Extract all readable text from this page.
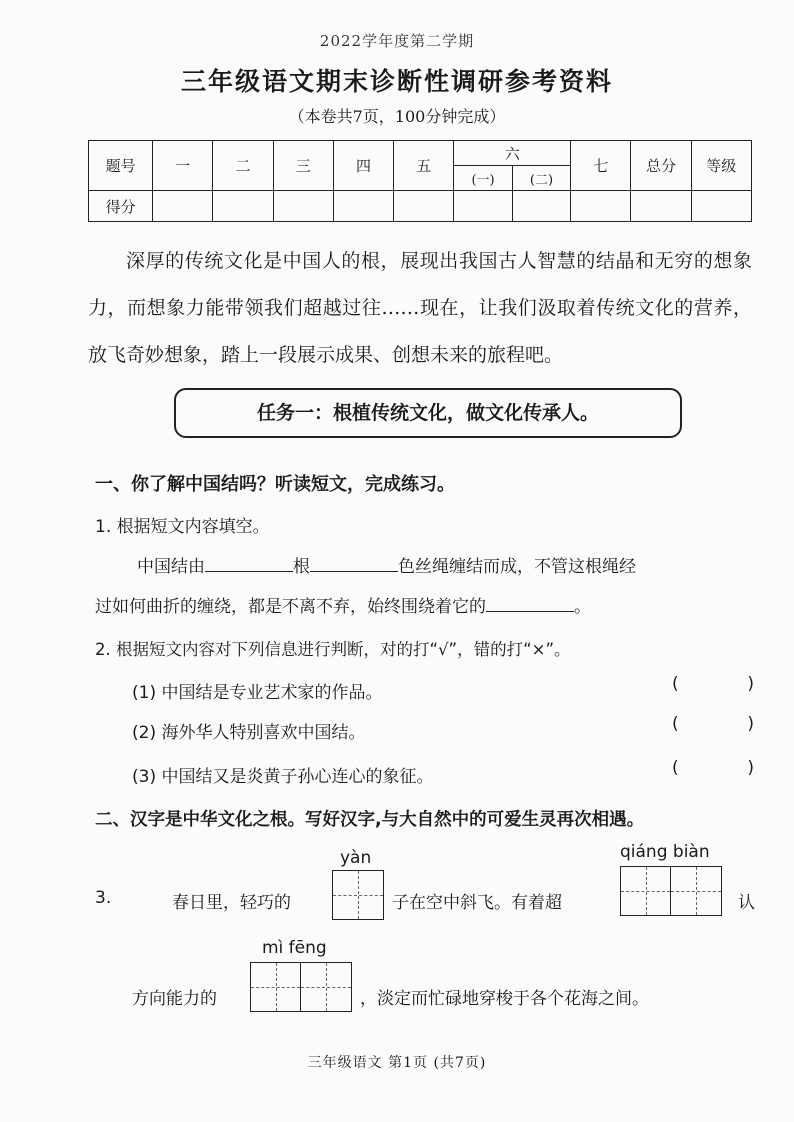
2022学年度第二学期
三年级语文期末诊断性调研参考资料
（本卷共7页，100分钟完成）
题号	一	二	三	四	五	六		七	总分	等级
						(一)	(二)			
得分										

深厚的传统文化是中国人的根，展现出我国古人智慧的结晶和无穷的想象力，而想象力能带领我们超越过往……现在，让我们汲取着传统文化的营养，放飞奇妙想象，踏上一段展示成果、创想未来的旅程吧。

任务一：根植传统文化，做文化传承人。
一、你了解中国结吗？听读短文，完成练习。
1. 根据短文内容填空。
中国结由	根	色丝绳缠结而成，不管这根绳经
过如何曲折的缠绕，都是不离不弃，始终围绕着它的	。
2. 根据短文内容对下列信息进行判断，对的打“√”，错的打“×”。
(1) 中国结是专业艺术家的作品。	(	)
(2) 海外华人特别喜欢中国结。	(	)
(3) 中国结又是炎黄子孙心连心的象征。	(	)
二、汉字是中华文化之根。写好汉字,与大自然中的可爱生灵再次相遇。
yàn	qiáng biàn
3.	春日里，轻巧的	子在空中斜飞。有着超	认
mì fēng
方向能力的	，淡定而忙碌地穿梭于各个花海之间。
三年级语文 第1页 (共7页)
